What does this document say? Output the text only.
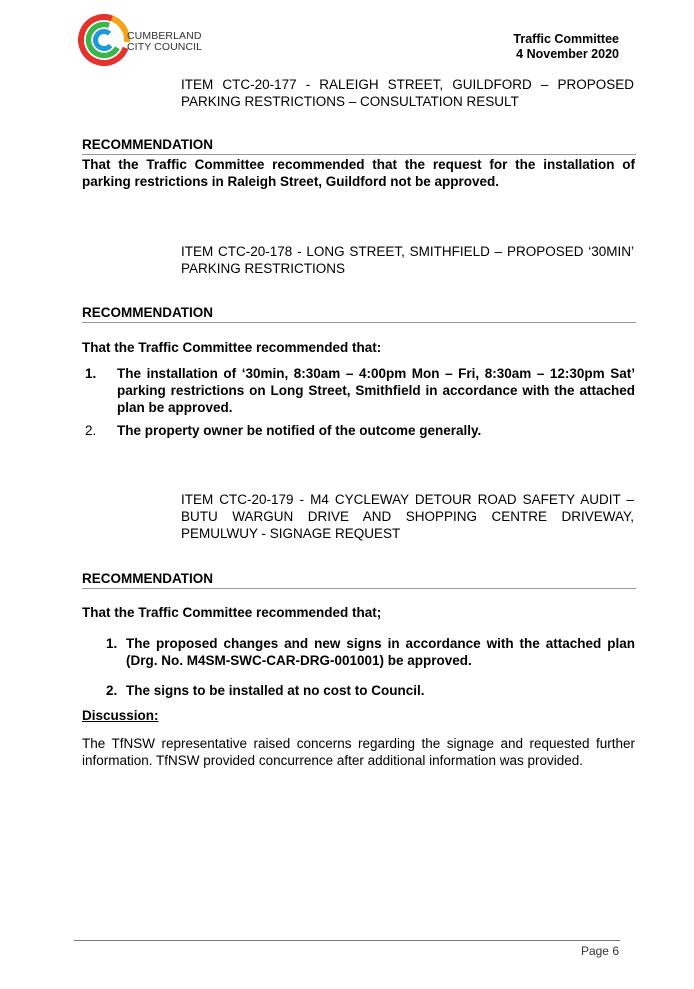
CUMBERLAND
CITY COUNCIL
Traffic Committee
4 November 2020
ITEM CTC-20-177 - RALEIGH STREET, GUILDFORD – PROPOSED PARKING RESTRICTIONS – CONSULTATION RESULT
RECOMMENDATION
That the Traffic Committee recommended that the request for the installation of parking restrictions in Raleigh Street, Guildford not be approved.
ITEM CTC-20-178 - LONG STREET, SMITHFIELD – PROPOSED ‘30MIN’ PARKING RESTRICTIONS
RECOMMENDATION
That the Traffic Committee recommended that:
1. The installation of ‘30min, 8:30am – 4:00pm Mon – Fri, 8:30am – 12:30pm Sat’ parking restrictions on Long Street, Smithfield in accordance with the attached plan be approved.
2. The property owner be notified of the outcome generally.
ITEM CTC-20-179 - M4 CYCLEWAY DETOUR ROAD SAFETY AUDIT – BUTU WARGUN DRIVE AND SHOPPING CENTRE DRIVEWAY, PEMULWUY - SIGNAGE REQUEST
RECOMMENDATION
That the Traffic Committee recommended that;
1. The proposed changes and new signs in accordance with the attached plan (Drg. No. M4SM-SWC-CAR-DRG-001001) be approved.
2. The signs to be installed at no cost to Council.
Discussion:
The TfNSW representative raised concerns regarding the signage and requested further information. TfNSW provided concurrence after additional information was provided.
Page 6
